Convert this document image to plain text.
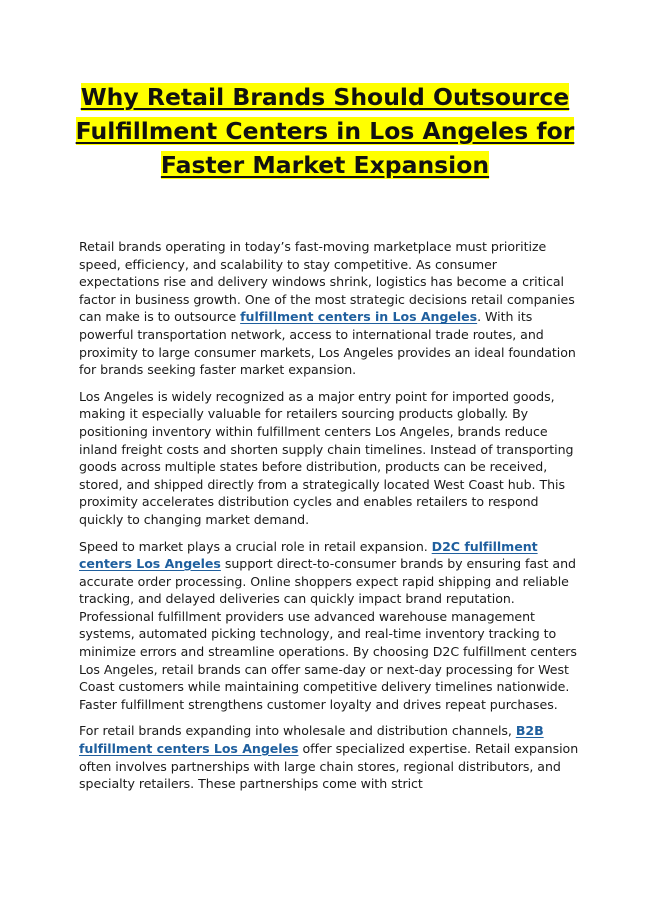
Why Retail Brands Should Outsource Fulfillment Centers in Los Angeles for Faster Market Expansion

Retail brands operating in today’s fast-moving marketplace must prioritize speed, efficiency, and scalability to stay competitive. As consumer expectations rise and delivery windows shrink, logistics has become a critical factor in business growth. One of the most strategic decisions retail companies can make is to outsource fulfillment centers in Los Angeles. With its powerful transportation network, access to international trade routes, and proximity to large consumer markets, Los Angeles provides an ideal foundation for brands seeking faster market expansion.

Los Angeles is widely recognized as a major entry point for imported goods, making it especially valuable for retailers sourcing products globally. By positioning inventory within fulfillment centers Los Angeles, brands reduce inland freight costs and shorten supply chain timelines. Instead of transporting goods across multiple states before distribution, products can be received, stored, and shipped directly from a strategically located West Coast hub. This proximity accelerates distribution cycles and enables retailers to respond quickly to changing market demand.

Speed to market plays a crucial role in retail expansion. D2C fulfillment centers Los Angeles support direct-to-consumer brands by ensuring fast and accurate order processing. Online shoppers expect rapid shipping and reliable tracking, and delayed deliveries can quickly impact brand reputation. Professional fulfillment providers use advanced warehouse management systems, automated picking technology, and real-time inventory tracking to minimize errors and streamline operations. By choosing D2C fulfillment centers Los Angeles, retail brands can offer same-day or next-day processing for West Coast customers while maintaining competitive delivery timelines nationwide. Faster fulfillment strengthens customer loyalty and drives repeat purchases.

For retail brands expanding into wholesale and distribution channels, B2B fulfillment centers Los Angeles offer specialized expertise. Retail expansion often involves partnerships with large chain stores, regional distributors, and specialty retailers. These partnerships come with strict
